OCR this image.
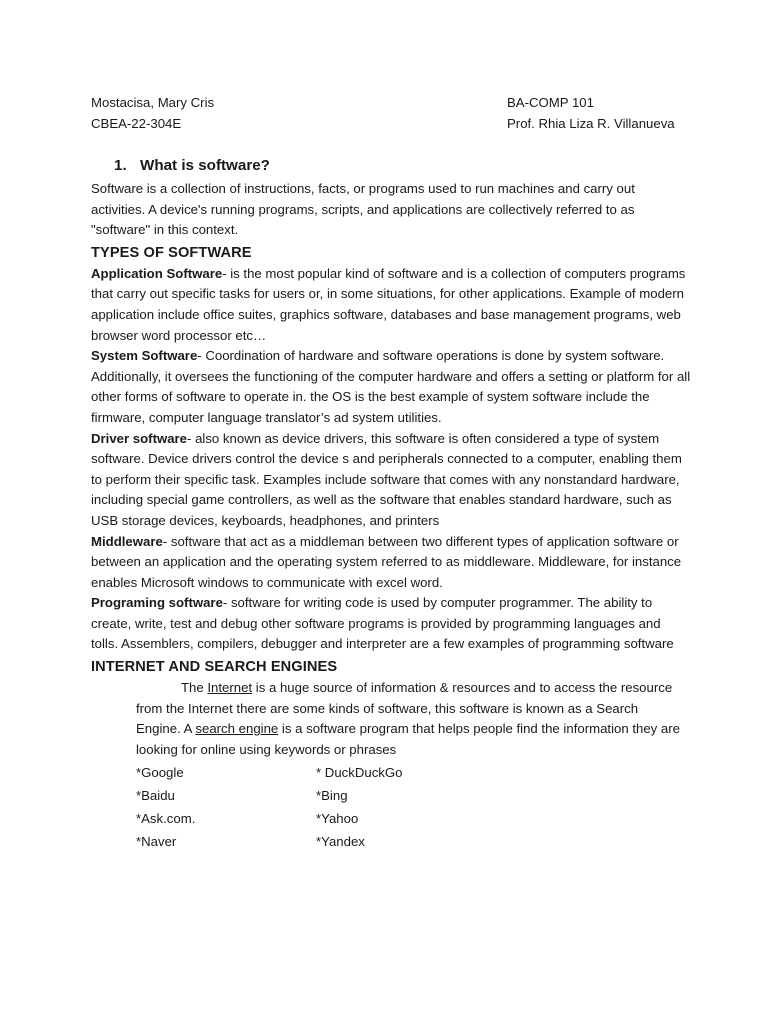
Mostacisa, Mary Cris
CBEA-22-304E
BA-COMP 101
Prof. Rhia Liza R. Villanueva
1. What is software?

Software is a collection of instructions, facts, or programs used to run machines and carry out activities. A device's running programs, scripts, and applications are collectively referred to as "software" in this context.

TYPES OF SOFTWARE

Application Software- is the most popular kind of software and is a collection of computers programs that carry out specific tasks for users or, in some situations, for other applications. Example of modern application include office suites, graphics software, databases and base management programs, web browser word processor etc…

System Software- Coordination of hardware and software operations is done by system software. Additionally, it oversees the functioning of the computer hardware and offers a setting or platform for all other forms of software to operate in. the OS is the best example of system software include the firmware, computer language translator’s ad system utilities.

Driver software- also known as device drivers, this software is often considered a type of system software. Device drivers control the device s and peripherals connected to a computer, enabling them to perform their specific task. Examples include software that comes with any nonstandard hardware, including special game controllers, as well as the software that enables standard hardware, such as USB storage devices, keyboards, headphones, and printers

Middleware- software that act as a middleman between two different types of application software or between an application and the operating system referred to as middleware. Middleware, for instance enables Microsoft windows to communicate with excel word.

Programing software- software for writing code is used by computer programmer. The ability to create, write, test and debug other software programs is provided by programming languages and tolls. Assemblers, compilers, debugger and interpreter are a few examples of programming software

INTERNET AND SEARCH ENGINES

The Internet is a huge source of information & resources and to access the resource from the Internet there are some kinds of software, this software is known as a Search Engine. A search engine is a software program that helps people find the information they are looking for online using keywords or phrases

*Google	* DuckDuckGo
*Baidu	*Bing
*Ask.com.	*Yahoo
*Naver	*Yandex
